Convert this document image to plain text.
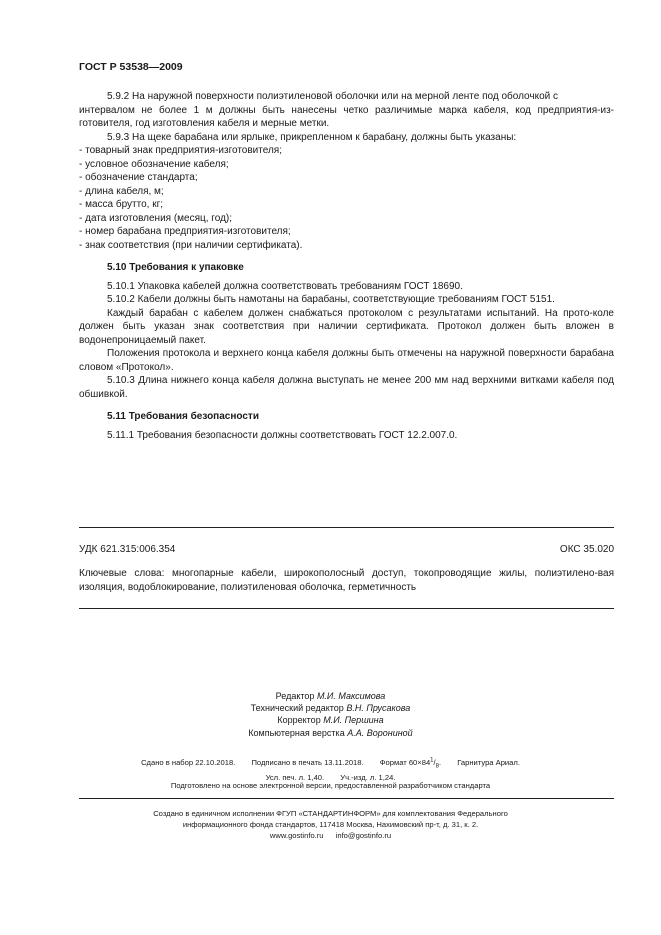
ГОСТ Р 53538—2009

5.9.2 На наружной поверхности полиэтиленовой оболочки или на мерной ленте под оболочкой с

интервалом не более 1 м должны быть нанесены четко различимые марка кабеля, код предприятия-из-готовителя, год изготовления кабеля и мерные метки.

5.9.3 На щеке барабана или ярлыке, прикрепленном к барабану, должны быть указаны:

- товарный знак предприятия-изготовителя;

- условное обозначение кабеля;

- обозначение стандарта;

- длина кабеля, м;

- масса брутто, кг;

- дата изготовления (месяц, год);

- номер барабана предприятия-изготовителя;

- знак соответствия (при наличии сертификата).

5.10 Требования к упаковке

5.10.1 Упаковка кабелей должна соответствовать требованиям ГОСТ 18690.

5.10.2 Кабели должны быть намотаны на барабаны, соответствующие требованиям ГОСТ 5151.

Каждый барабан с кабелем должен снабжаться протоколом с результатами испытаний. На прото-коле должен быть указан знак соответствия при наличии сертификата. Протокол должен быть вложен в водонепроницаемый пакет.

Положения протокола и верхнего конца кабеля должны быть отмечены на наружной поверхности барабана словом «Протокол».

5.10.3 Длина нижнего конца кабеля должна выступать не менее 200 мм над верхними витками кабеля под обшивкой.

5.11 Требования безопасности

5.11.1 Требования безопасности должны соответствовать ГОСТ 12.2.007.0.

УДК 621.315:006.354	ОКС 35.020
Ключевые слова: многопарные кабели, широкополосный доступ, токопроводящие жилы, полиэтилено-вая изоляция, водоблокирование, полиэтиленовая оболочка, герметичность
Редактор М.И. Максимова
Технический редактор В.Н. Прусакова
Корректор М.И. Першина
Компьютерная верстка А.А. Ворониной
Сдано в набор 22.10.2018. Подписано в печать 13.11.2018. Формат $60\times 84^1/_8$. Гарнитура Ариал.
Усл. печ. л. 1,40. Уч.-изд. л. 1,24.
Подготовлено на основе электронной версии, предоставленной разработчиком стандарта
Создано в единичном исполнении ФГУП «СТАНДАРТИНФОРМ» для комплектования Федерального
информационного фонда стандартов, 117418 Москва, Нахимовский пр-т, д. 31, к. 2.
www.gostinfo.ru info@gostinfo.ru
